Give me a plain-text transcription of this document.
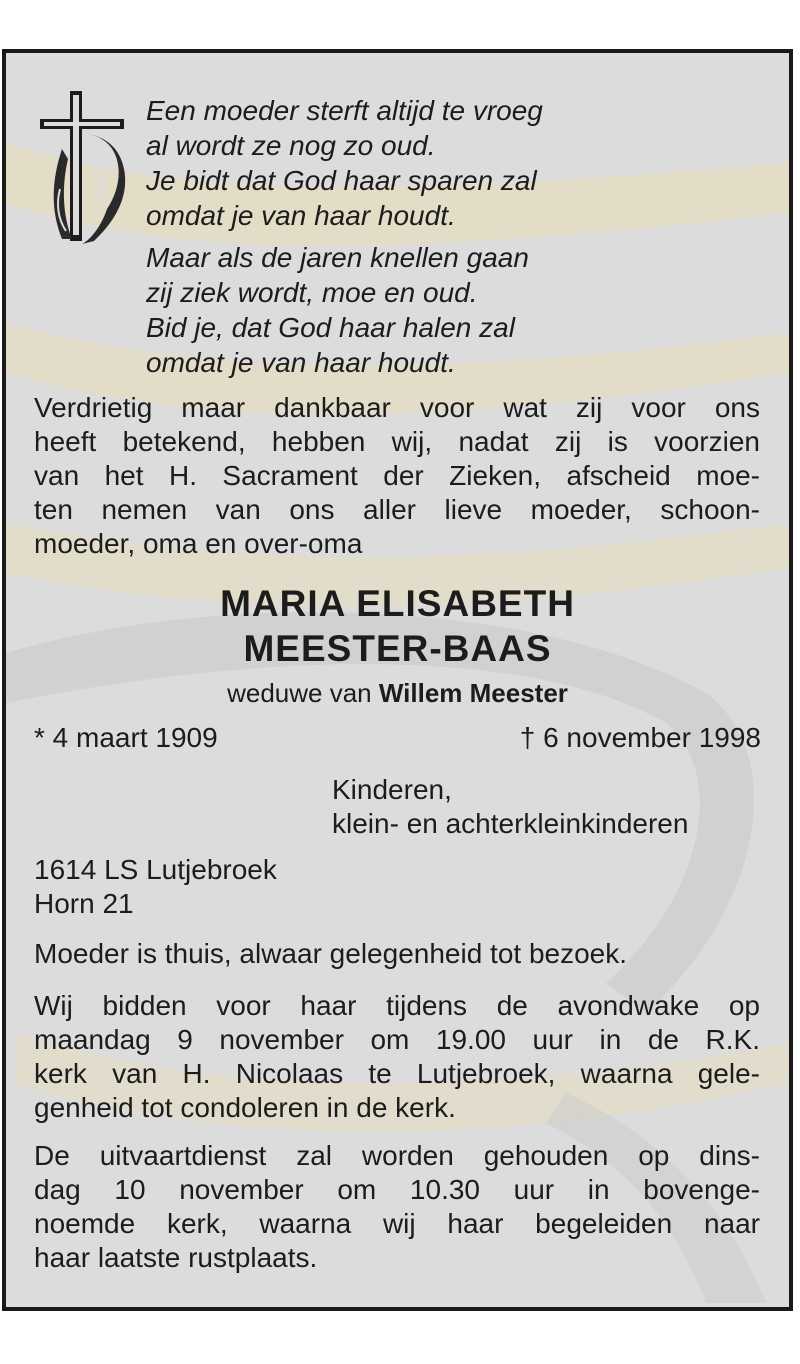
Een moeder sterft altijd te vroeg
al wordt ze nog zo oud.
Je bidt dat God haar sparen zal
omdat je van haar houdt.
Maar als de jaren knellen gaan
zij ziek wordt, moe en oud.
Bid je, dat God haar halen zal
omdat je van haar houdt.
Verdrietig maar dankbaar voor wat zij voor ons
heeft betekend, hebben wij, nadat zij is voorzien
van het H. Sacrament der Zieken, afscheid moe-
ten nemen van ons aller lieve moeder, schoon-
moeder, oma en over-oma
MARIA ELISABETH
MEESTER-BAAS
weduwe van Willem Meester
* 4 maart 1909	† 6 november 1998
Kinderen,
klein- en achterkleinkinderen
1614 LS Lutjebroek
Horn 21
Moeder is thuis, alwaar gelegenheid tot bezoek.
Wij bidden voor haar tijdens de avondwake op
maandag 9 november om 19.00 uur in de R.K.
kerk van H. Nicolaas te Lutjebroek, waarna gele-
genheid tot condoleren in de kerk.
De uitvaartdienst zal worden gehouden op dins-
dag 10 november om 10.30 uur in bovenge-
noemde kerk, waarna wij haar begeleiden naar
haar laatste rustplaats.
